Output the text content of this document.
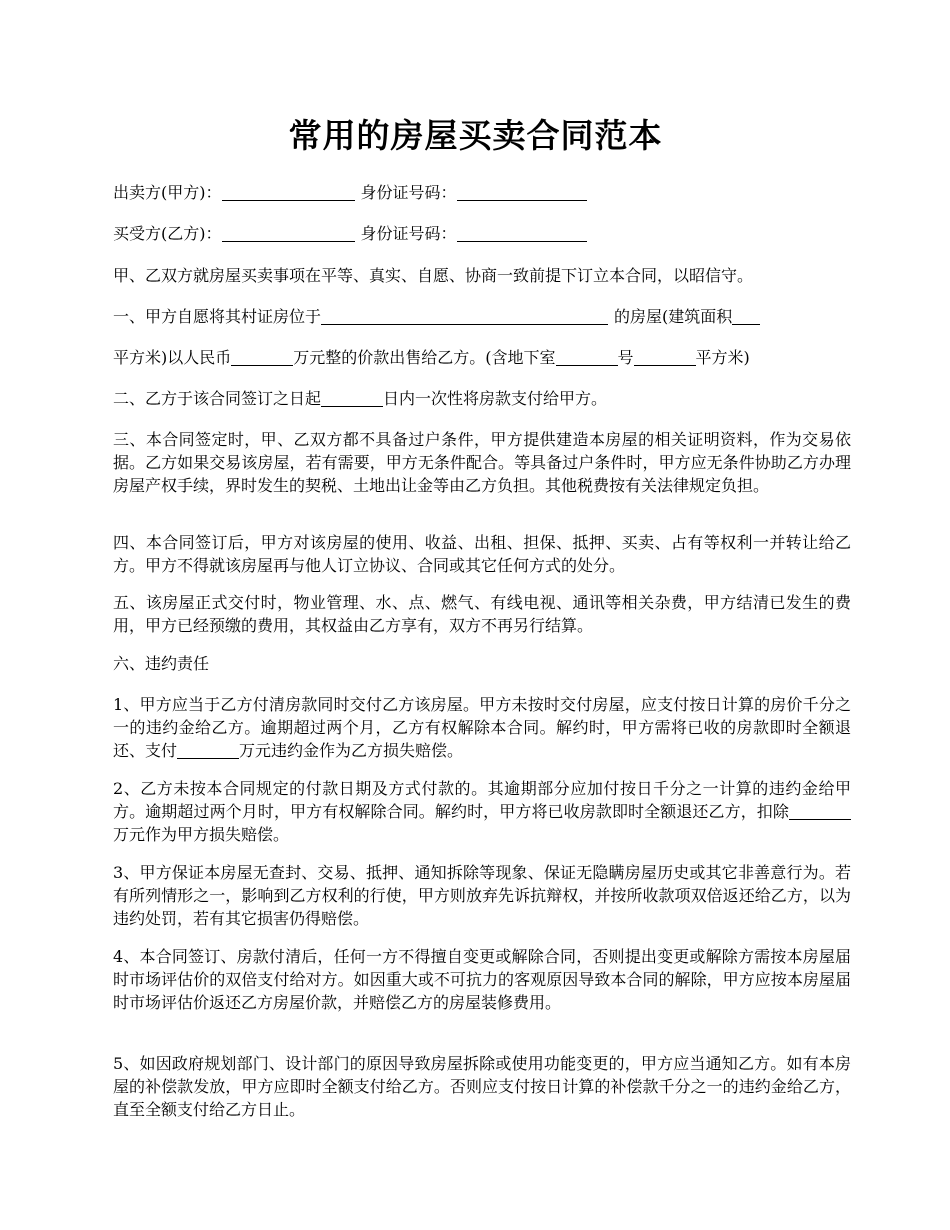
常用的房屋买卖合同范本

出卖方(甲方)：	身份证号码：

买受方(乙方)：	身份证号码：

甲、乙双方就房屋买卖事项在平等、真实、自愿、协商一致前提下订立本合同，以昭信守。

一、甲方自愿将其村证房位于	的房屋(建筑面积

平方米)以人民币	万元整的价款出售给乙方。(含地下室	号	平方米)

二、乙方于该合同签订之日起	日内一次性将房款支付给甲方。

三、本合同签定时，甲、乙双方都不具备过户条件，甲方提供建造本房屋的相关证明资料，作为交易依据。乙方如果交易该房屋，若有需要，甲方无条件配合。等具备过户条件时，甲方应无条件协助乙方办理房屋产权手续，界时发生的契税、土地出让金等由乙方负担。其他税费按有关法律规定负担。

四、本合同签订后，甲方对该房屋的使用、收益、出租、担保、抵押、买卖、占有等权利一并转让给乙方。甲方不得就该房屋再与他人订立协议、合同或其它任何方式的处分。

五、该房屋正式交付时，物业管理、水、点、燃气、有线电视、通讯等相关杂费，甲方结清已发生的费用，甲方已经预缴的费用，其权益由乙方享有，双方不再另行结算。

六、违约责任

1、甲方应当于乙方付清房款同时交付乙方该房屋。甲方未按时交付房屋，应支付按日计算的房价千分之一的违约金给乙方。逾期超过两个月，乙方有权解除本合同。解约时，甲方需将已收的房款即时全额退还、支付	万元违约金作为乙方损失赔偿。

2、乙方未按本合同规定的付款日期及方式付款的。其逾期部分应加付按日千分之一计算的违约金给甲方。逾期超过两个月时，甲方有权解除合同。解约时，甲方将已收房款即时全额退还乙方，扣除万元作为甲方损失赔偿。

3、甲方保证本房屋无查封、交易、抵押、通知拆除等现象、保证无隐瞒房屋历史或其它非善意行为。若有所列情形之一，影响到乙方权利的行使，甲方则放弃先诉抗辩权，并按所收款项双倍返还给乙方，以为违约处罚，若有其它损害仍得赔偿。

4、本合同签订、房款付清后，任何一方不得擅自变更或解除合同，否则提出变更或解除方需按本房屋届时市场评估价的双倍支付给对方。如因重大或不可抗力的客观原因导致本合同的解除，甲方应按本房屋届时市场评估价返还乙方房屋价款，并赔偿乙方的房屋装修费用。

5、如因政府规划部门、设计部门的原因导致房屋拆除或使用功能变更的，甲方应当通知乙方。如有本房屋的补偿款发放，甲方应即时全额支付给乙方。否则应支付按日计算的补偿款千分之一的违约金给乙方，直至全额支付给乙方日止。
